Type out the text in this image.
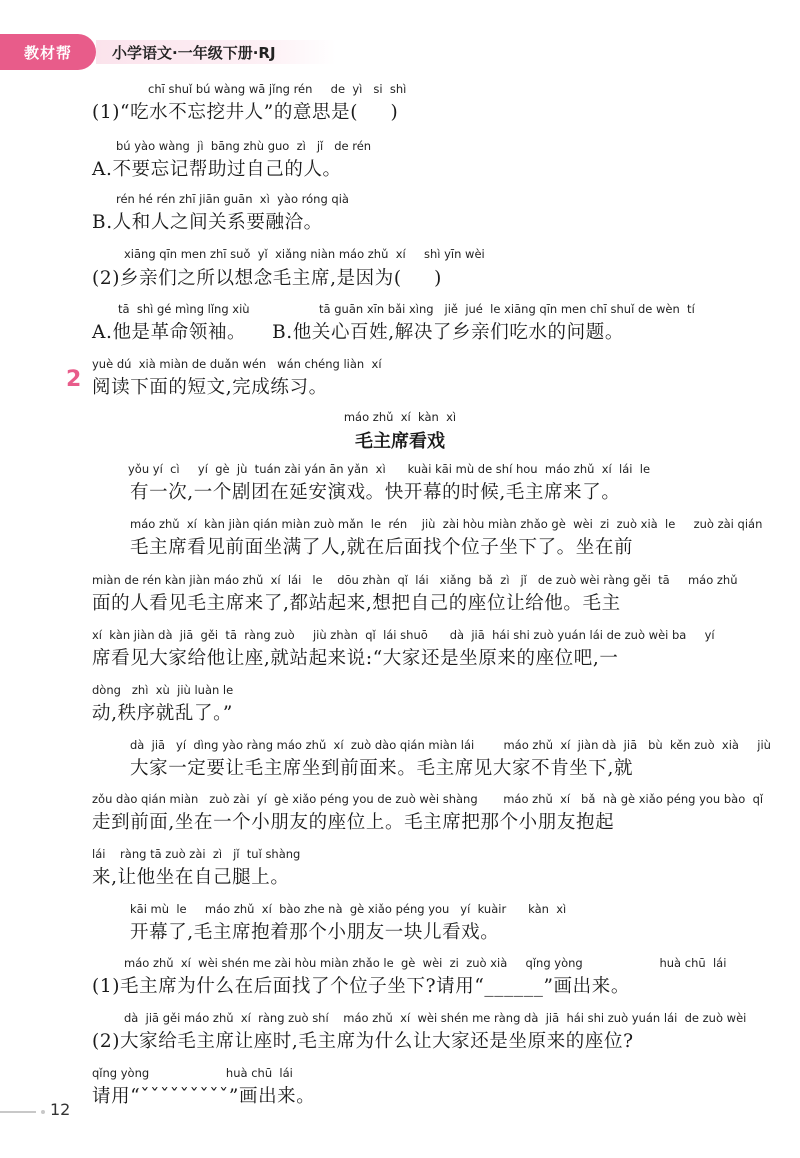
教材帮	小学语文·一年级下册·RJ
chī shuǐ bú wàng wā jǐng rén     de  yì   si  shì
(1)“吃水不忘挖井人”的意思是(     )
bú yào wàng  jì  bāng zhù guo  zì   jǐ   de rén
A.不要忘记帮助过自己的人。
rén hé rén zhī jiān guān  xì  yào róng qià
B.人和人之间关系要融洽。
xiāng qīn men zhī suǒ  yǐ  xiǎng niàn máo zhǔ  xí     shì yīn wèi
(2)乡亲们之所以想念毛主席,是因为(     )
tā  shì gé mìng lǐng xiù                   tā guān xīn bǎi xìng   jiě  jué  le xiāng qīn men chī shuǐ de wèn  tí
A.他是革命领袖。    B.他关心百姓,解决了乡亲们吃水的问题。
2
yuè dú  xià miàn de duǎn wén   wán chéng liàn  xí
阅读下面的短文,完成练习。
máo zhǔ  xí  kàn  xì
毛主席看戏
yǒu yí  cì     yí  gè  jù  tuán zài yán ān yǎn  xì      kuài kāi mù de shí hou  máo zhǔ  xí  lái  le
有一次,一个剧团在延安演戏。快开幕的时候,毛主席来了。
máo zhǔ  xí  kàn jiàn qián miàn zuò mǎn  le  rén    jiù  zài hòu miàn zhǎo gè  wèi  zi  zuò xià  le     zuò zài qián
毛主席看见前面坐满了人,就在后面找个位子坐下了。坐在前
miàn de rén kàn jiàn máo zhǔ  xí  lái   le    dōu zhàn  qǐ  lái   xiǎng  bǎ  zì   jǐ   de zuò wèi ràng gěi  tā     máo zhǔ
面的人看见毛主席来了,都站起来,想把自己的座位让给他。毛主
xí  kàn jiàn dà  jiā  gěi  tā  ràng zuò     jiù zhàn  qǐ  lái shuō      dà  jiā  hái shi zuò yuán lái de zuò wèi ba     yí
席看见大家给他让座,就站起来说:“大家还是坐原来的座位吧,一
dòng   zhì  xù  jiù luàn le
动,秩序就乱了。”
dà  jiā   yí  dìng yào ràng máo zhǔ  xí  zuò dào qián miàn lái        máo zhǔ  xí  jiàn dà  jiā   bù  kěn zuò  xià     jiù
大家一定要让毛主席坐到前面来。毛主席见大家不肯坐下,就
zǒu dào qián miàn   zuò zài  yí  gè xiǎo péng you de zuò wèi shàng       máo zhǔ  xí   bǎ  nà gè xiǎo péng you bào  qǐ
走到前面,坐在一个小朋友的座位上。毛主席把那个小朋友抱起
lái    ràng tā zuò zài  zì   jǐ  tuǐ shàng
来,让他坐在自己腿上。
kāi mù  le     máo zhǔ  xí  bào zhe nà  gè xiǎo péng you   yí  kuàir      kàn  xì
开幕了,毛主席抱着那个小朋友一块儿看戏。
máo zhǔ  xí  wèi shén me zài hòu miàn zhǎo le  gè  wèi  zi  zuò xià     qǐng yòng                     huà chū  lái
(1)毛主席为什么在后面找了个位子坐下?请用“______”画出来。
dà  jiā gěi máo zhǔ  xí  ràng zuò shí    máo zhǔ  xí  wèi shén me ràng dà  jiā  hái shi zuò yuán lái  de zuò wèi
(2)大家给毛主席让座时,毛主席为什么让大家还是坐原来的座位?
qǐng yòng                     huà chū  lái
请用“ˇˇˇˇˇˇˇˇˇ”画出来。
12
